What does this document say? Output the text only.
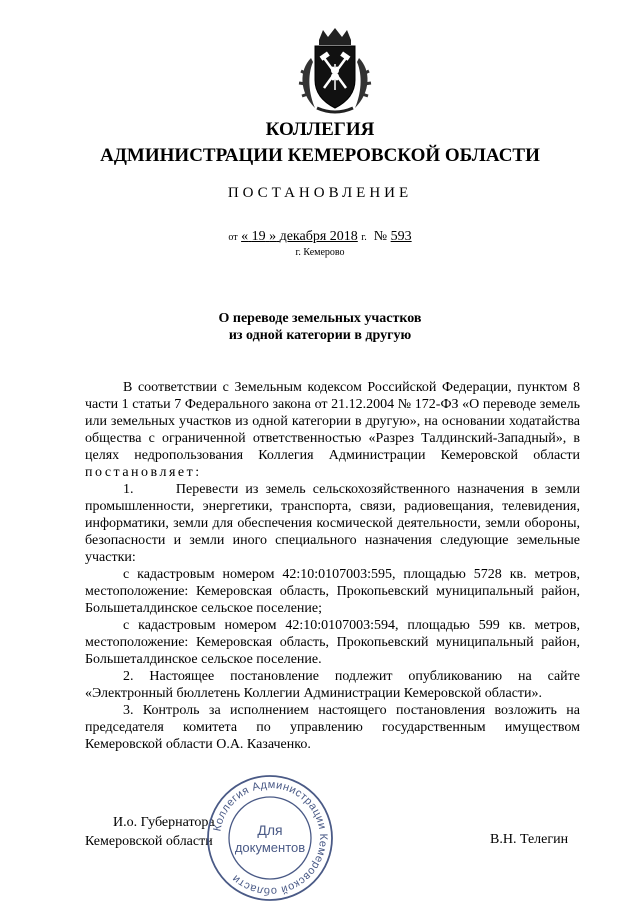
КОЛЛЕГИЯ
АДМИНИСТРАЦИИ КЕМЕРОВСКОЙ ОБЛАСТИ
ПОСТАНОВЛЕНИЕ
от « 19 » декабря 2018 г. № 593
г. Кемерово
О переводе земельных участков
из одной категории в другую

В соответствии с Земельным кодексом Российской Федерации, пунктом 8 части 1 статьи 7 Федерального закона от 21.12.2004 № 172-ФЗ «О переводе земель или земельных участков из одной категории в другую», на основании ходатайства общества с ограниченной ответственностью «Разрез Талдинский-Западный», в целях недропользования Коллегия Администрации Кемеровской области постановляет:

1.	Перевести из земель сельскохозяйственного назначения в земли промышленности, энергетики, транспорта, связи, радиовещания, телевидения, информатики, земли для обеспечения космической деятельности, земли обороны, безопасности и земли иного специального назначения следующие земельные участки:

с кадастровым номером 42:10:0107003:595, площадью 5728 кв. метров, местоположение: Кемеровская область, Прокопьевский муниципальный район, Большеталдинское сельское поселение;

с кадастровым номером 42:10:0107003:594, площадью 599 кв. метров, местоположение: Кемеровская область, Прокопьевский муниципальный район, Большеталдинское сельское поселение.

2. Настоящее постановление подлежит опубликованию на сайте «Электронный бюллетень Коллегии Администрации Кемеровской области».

3. Контроль за исполнением настоящего постановления возложить на председателя комитета по управлению государственным имуществом Кемеровской области О.А. Казаченко.

И.о. Губернатора
Кемеровской области	В.Н. Телегин
Коллегия Администрации Кемеровской области
Для
документов
